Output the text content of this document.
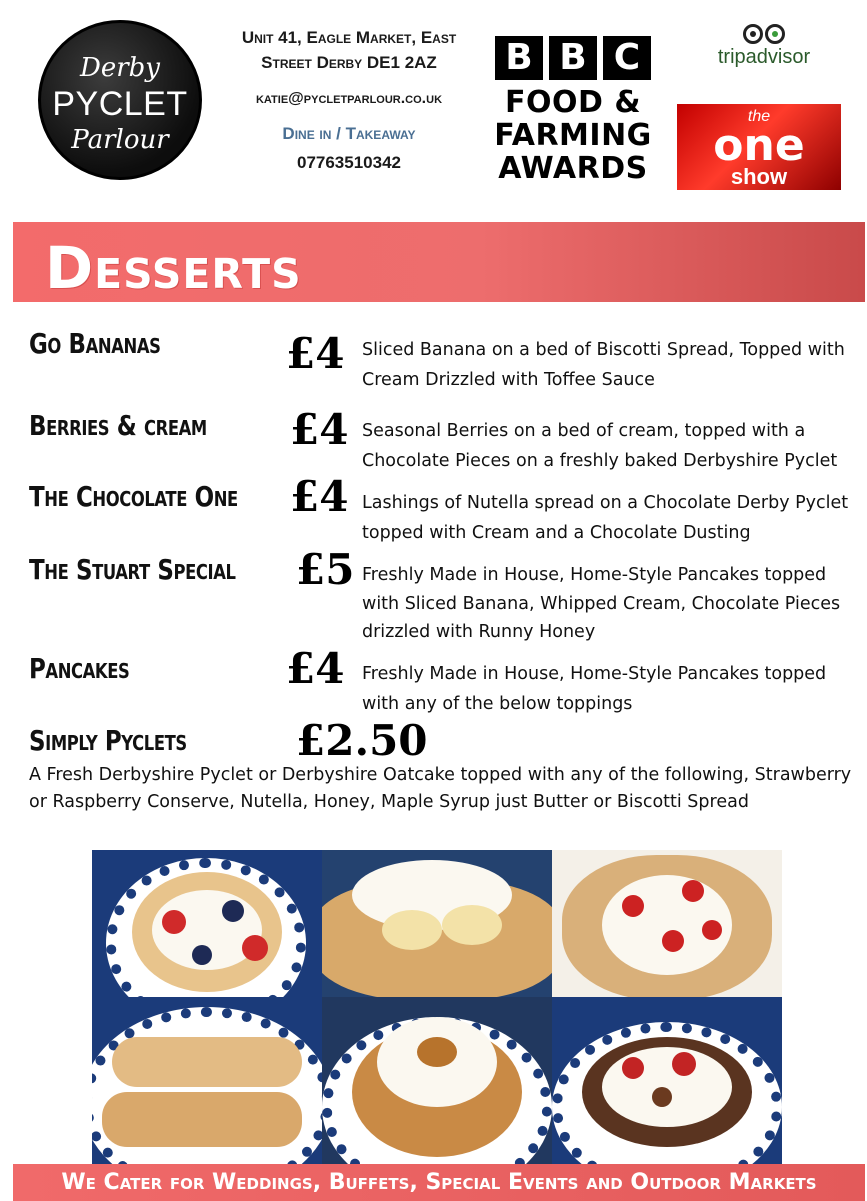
Derby
PYCLET
Parlour
Unit 41, Eagle Market, East
Street Derby DE1 2AZ
katie@pycletparlour.co.uk
Dine in / Takeaway
07763510342
B B C
FOOD &
FARMING
AWARDS
tripadvisor
the
one
show
Desserts
Go Bananas	£4 Sliced Banana on a bed of Biscotti Spread, Topped with Cream Drizzled with Toffee Sauce
Berries & cream £4 Seasonal Berries on a bed of cream, topped with a Chocolate Pieces on a freshly baked Derbyshire Pyclet
The Chocolate One £4 Lashings of Nutella spread on a Chocolate Derby Pyclet topped with Cream and a Chocolate Dusting
The Stuart Special £5 Freshly Made in House, Home-Style Pancakes topped with Sliced Banana, Whipped Cream, Chocolate Pieces drizzled with Runny Honey
Pancakes	£4 Freshly Made in House, Home-Style Pancakes topped with any of the below toppings
Simply Pyclets	£2.50
A Fresh Derbyshire Pyclet or Derbyshire Oatcake topped with any of the following, Strawberry or Raspberry Conserve, Nutella, Honey, Maple Syrup just Butter or Biscotti Spread
We Cater for Weddings, Buffets, Special Events and Outdoor Markets
